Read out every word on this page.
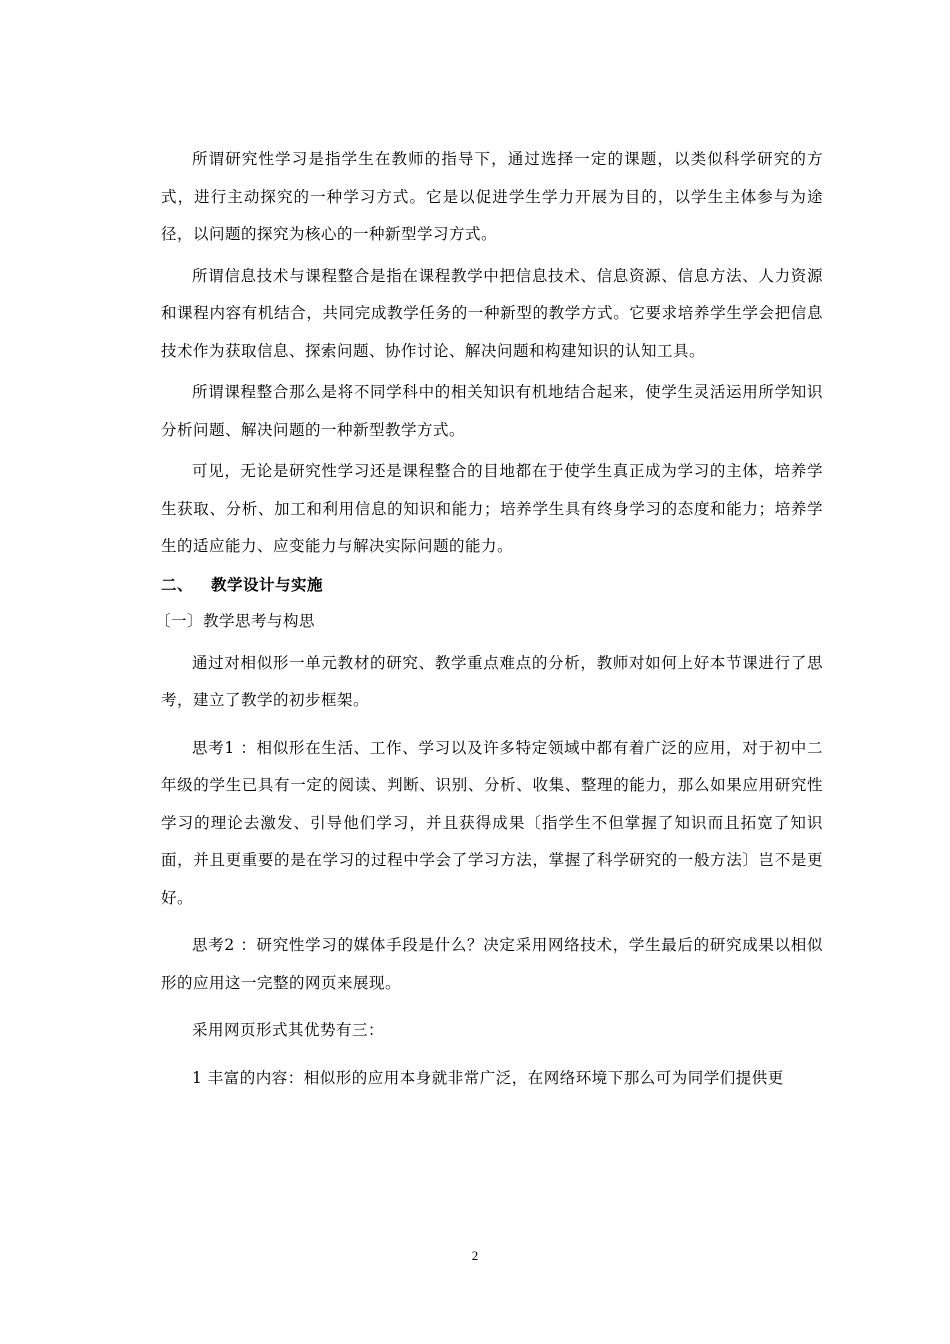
所谓研究性学习是指学生在教师的指导下，通过选择一定的课题，以类似科学研究的方式，进行主动探究的一种学习方式。它是以促进学生学力开展为目的，以学生主体参与为途径，以问题的探究为核心的一种新型学习方式。

所谓信息技术与课程整合是指在课程教学中把信息技术、信息资源、信息方法、人力资源和课程内容有机结合，共同完成教学任务的一种新型的教学方式。它要求培养学生学会把信息技术作为获取信息、探索问题、协作讨论、解决问题和构建知识的认知工具。

所谓课程整合那么是将不同学科中的相关知识有机地结合起来，使学生灵活运用所学知识分析问题、解决问题的一种新型教学方式。

可见，无论是研究性学习还是课程整合的目地都在于使学生真正成为学习的主体，培养学生获取、分析、加工和利用信息的知识和能力；培养学生具有终身学习的态度和能力；培养学生的适应能力、应变能力与解决实际问题的能力。

二、 教学设计与实施
〔一〕教学思考与构思

通过对相似形一单元教材的研究、教学重点难点的分析，教师对如何上好本节课进行了思考，建立了教学的初步框架。

思考1 ：相似形在生活、工作、学习以及许多特定领域中都有着广泛的应用，对于初中二年级的学生已具有一定的阅读、判断、识别、分析、收集、整理的能力，那么如果应用研究性学习的理论去激发、引导他们学习，并且获得成果〔指学生不但掌握了知识而且拓宽了知识面，并且更重要的是在学习的过程中学会了学习方法，掌握了科学研究的一般方法〕岂不是更好。

思考2 ：研究性学习的媒体手段是什么？决定采用网络技术，学生最后的研究成果以相似形的应用这一完整的网页来展现。

采用网页形式其优势有三：

1 丰富的内容：相似形的应用本身就非常广泛，在网络环境下那么可为同学们提供更

2
